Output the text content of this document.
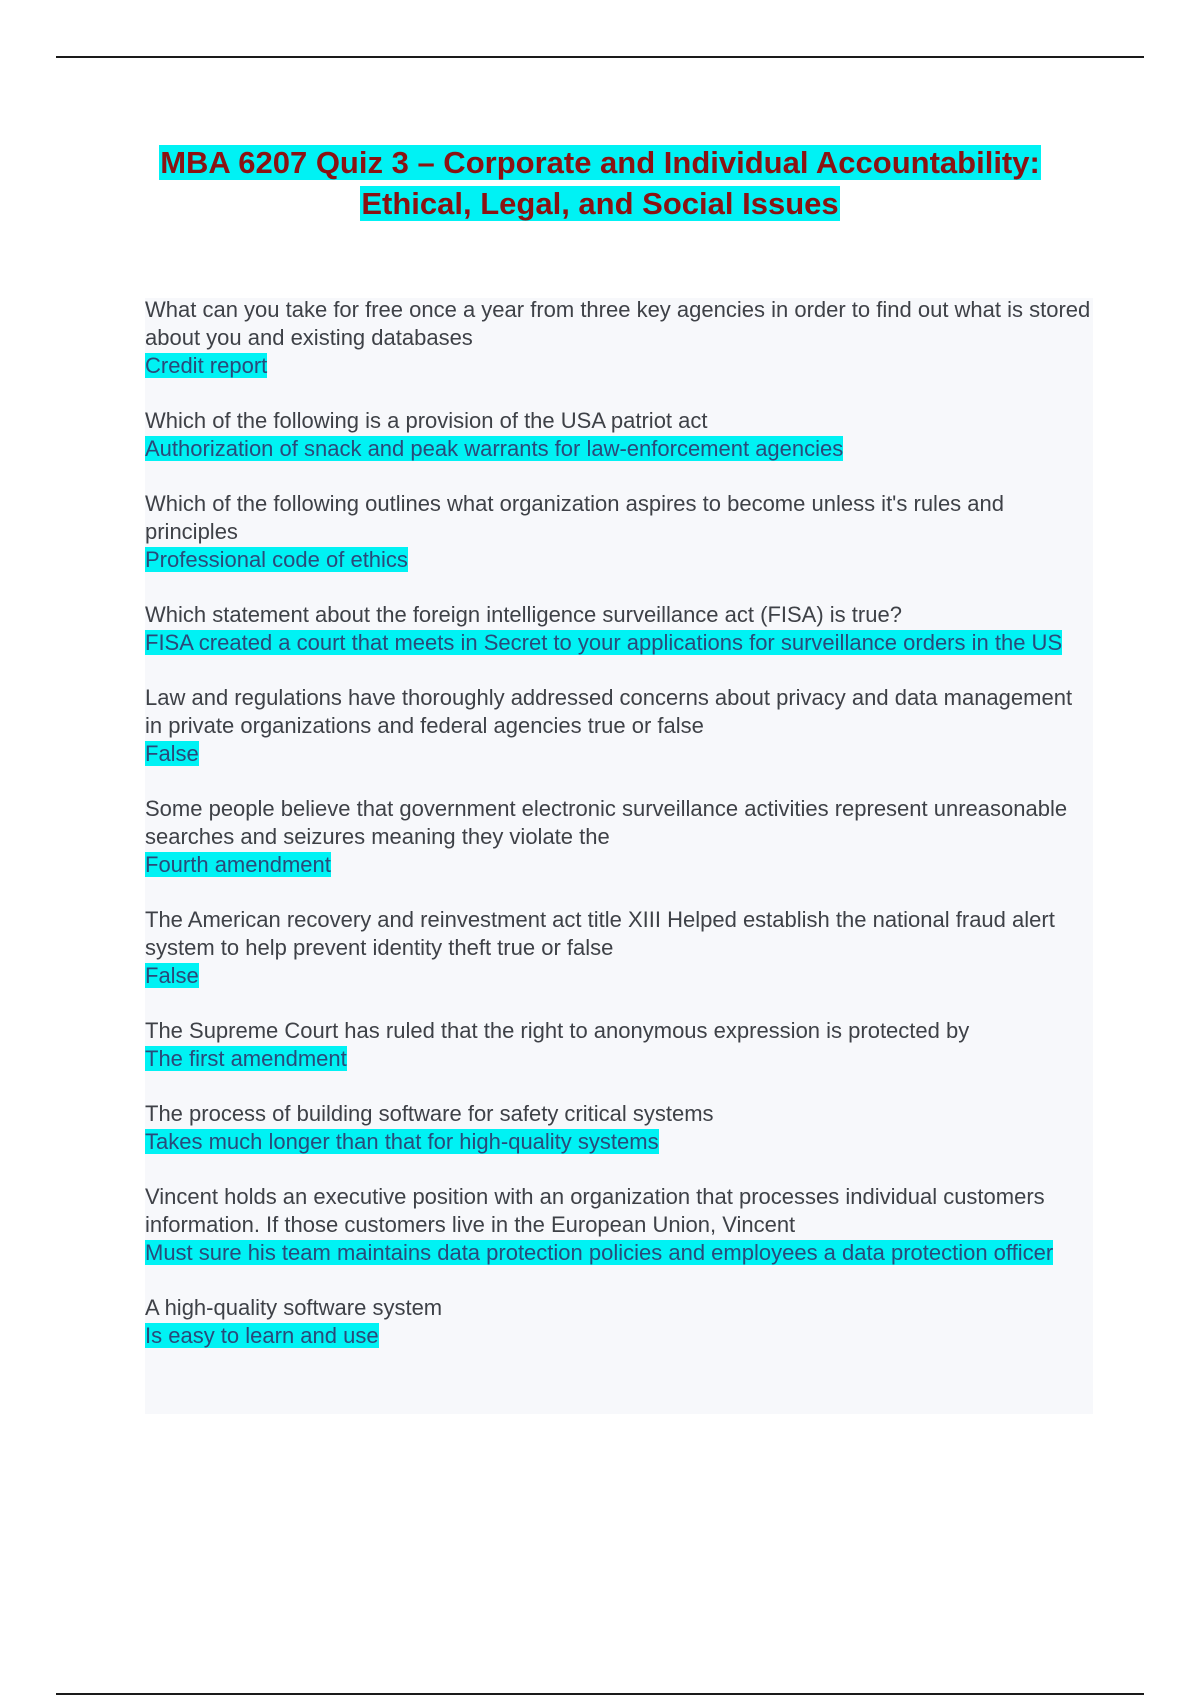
MBA 6207 Quiz 3 – Corporate and Individual Accountability:
Ethical, Legal, and Social Issues
What can you take for free once a year from three key agencies in order to find out what is stored about you and existing databases
Credit report
Which of the following is a provision of the USA patriot act
Authorization of snack and peak warrants for law-enforcement agencies
Which of the following outlines what organization aspires to become unless it's rules and principles
Professional code of ethics
Which statement about the foreign intelligence surveillance act (FISA) is true?
FISA created a court that meets in Secret to your applications for surveillance orders in the US
Law and regulations have thoroughly addressed concerns about privacy and data management in private organizations and federal agencies true or false
False
Some people believe that government electronic surveillance activities represent unreasonable searches and seizures meaning they violate the
Fourth amendment
The American recovery and reinvestment act title XIII Helped establish the national fraud alert system to help prevent identity theft true or false
False
The Supreme Court has ruled that the right to anonymous expression is protected by
The first amendment
The process of building software for safety critical systems
Takes much longer than that for high-quality systems
Vincent holds an executive position with an organization that processes individual customers information. If those customers live in the European Union, Vincent
Must sure his team maintains data protection policies and employees a data protection officer
A high-quality software system
Is easy to learn and use
